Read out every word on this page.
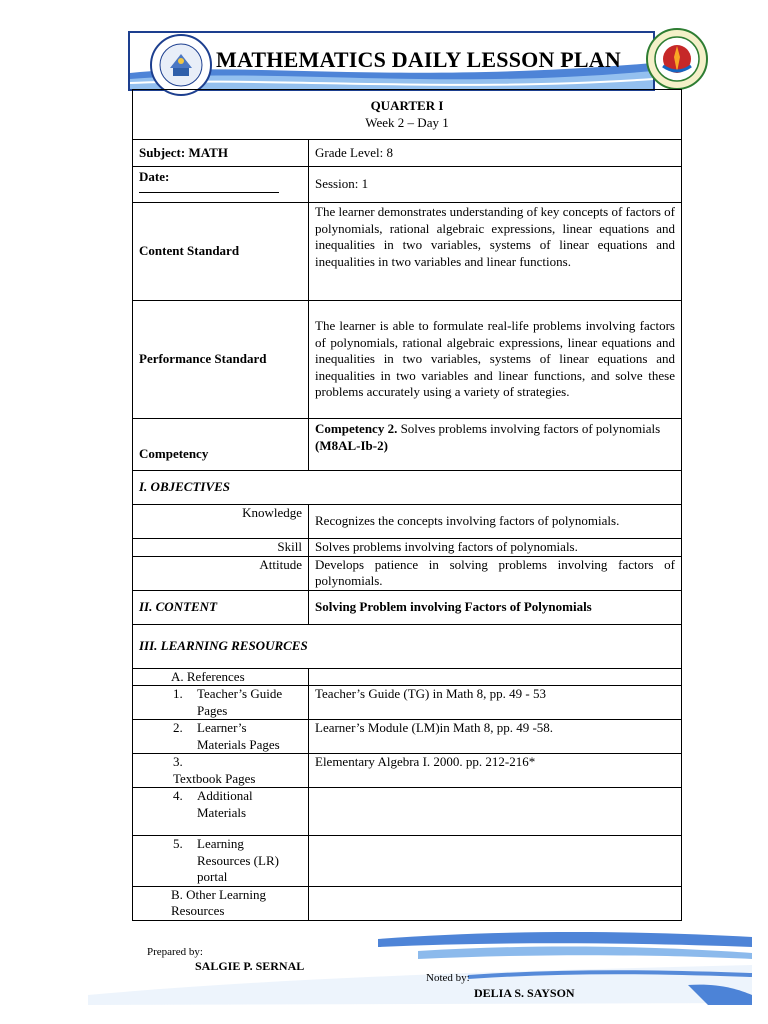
MATHEMATICS DAILY LESSON PLAN
QUARTER I
Week 2 – Day 1	

Subject: MATH	Grade Level: 8
Date:	Session: 1
Content Standard	The learner demonstrates understanding of key concepts of factors of polynomials, rational algebraic expressions, linear equations and inequalities in two variables, systems of linear equations and inequalities in two variables and linear functions.
Performance Standard	The learner is able to formulate real-life problems involving factors of polynomials, rational algebraic expressions, linear equations and inequalities in two variables, systems of linear equations and inequalities in two variables and linear functions, and solve these problems accurately using a variety of strategies.
Competency	Competency 2. Solves problems involving factors of polynomials (M8AL-Ib-2)
I. OBJECTIVES	
Knowledge	Recognizes the concepts involving factors of polynomials.
Skill	Solves problems involving factors of polynomials.
Attitude	Develops patience in solving problems involving factors of polynomials.
II. CONTENT	Solving Problem involving Factors of Polynomials
III. LEARNING RESOURCES	
A. References	
1. Teacher’s Guide Pages	Teacher’s Guide (TG) in Math 8, pp. 49 - 53
2. Learner’s Materials Pages	Learner’s Module (LM)in Math 8, pp. 49 -58.
3.Textbook Pages	Elementary Algebra I. 2000. pp. 212-216*
4. Additional Materials	
5. Learning Resources (LR) portal	
B. Other Learning Resources	
Prepared by:
SALGIE P. SERNAL
Noted by:
DELIA S. SAYSON
